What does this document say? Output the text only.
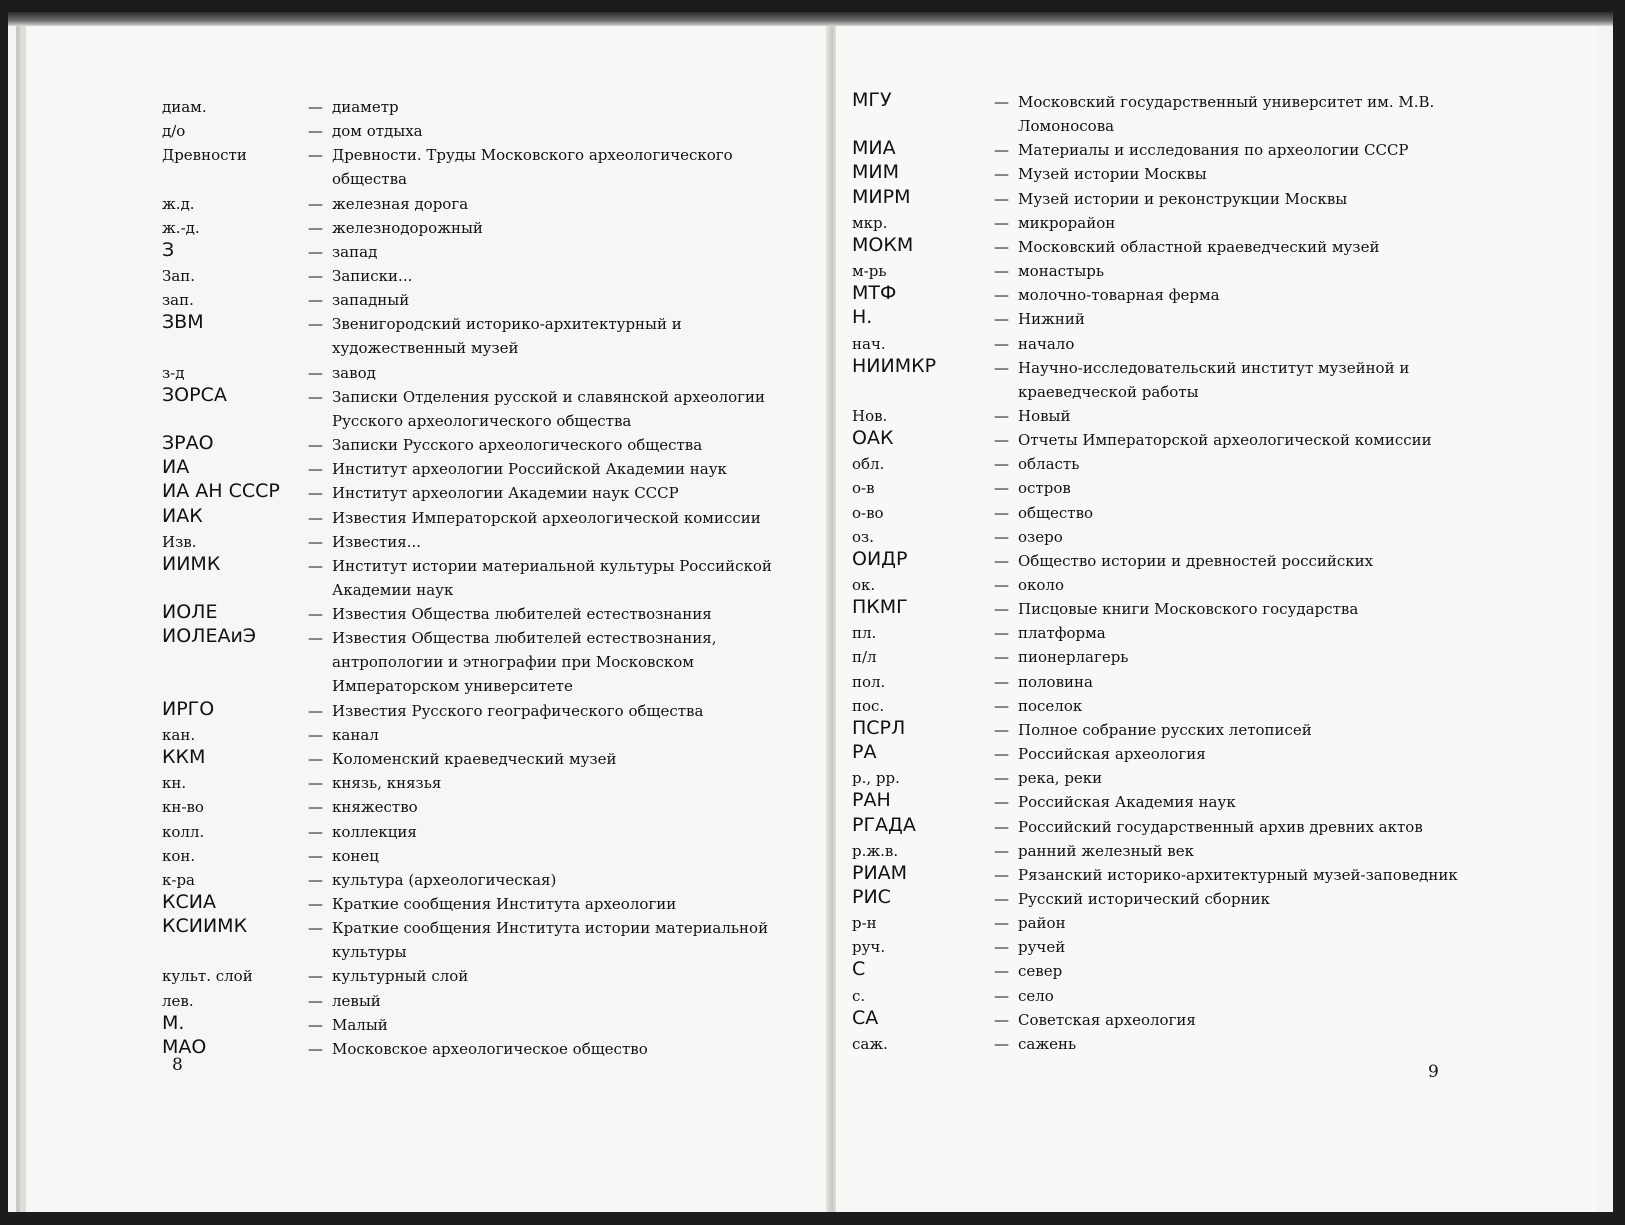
диам.	— диаметр
д/о	— дом отдыха
Древности	— Древности. Труды Московского археологического общества
ж.д.	— железная дорога
ж.-д.	— железнодорожный
З	— запад
Зап.	— Записки...
зап.	— западный
ЗВМ	— Звенигородский историко-архитектурный и художественный музей
з-д	— завод
ЗОРСА	— Записки Отделения русской и славянской археологии Русского археологического общества
ЗРАО	— Записки Русского археологического общества
ИА	— Институт археологии Российской Академии наук
ИА АН СССР — Институт археологии Академии наук СССР
ИАК	— Известия Императорской археологической комиссии
Изв.	— Известия...
ИИМК	— Институт истории материальной культуры Российской Академии наук
ИОЛЕ	— Известия Общества любителей естествознания
ИОЛЕАиЭ	— Известия Общества любителей естествознания, антропологии и этнографии при Московском Императорском университете
ИРГО	— Известия Русского географического общества
кан.	— канал
ККМ	— Коломенский краеведческий музей
кн.	— князь, князья
кн-во	— княжество
колл.	— коллекция
кон.	— конец
к-ра	— культура (археологическая)
КСИА	— Краткие сообщения Института археологии
КСИИМК	— Краткие сообщения Института истории материальной культуры
культ. слой	— культурный слой
лев.	— левый
М.	— Малый
МАО	— Московское археологическое общество
8
МГУ	— Московский государственный университет им. М.В. Ломоносова
МИА	— Материалы и исследования по археологии СССР
МИМ	— Музей истории Москвы
МИРМ	— Музей истории и реконструкции Москвы
мкр.	— микрорайон
МОКМ	— Московский областной краеведческий музей
м-рь	— монастырь
МТФ	— молочно-товарная ферма
Н.	— Нижний
нач.	— начало
НИИМКР	— Научно-исследовательский институт музейной и краеведческой работы
Нов.	— Новый
ОАК	— Отчеты Императорской археологической комиссии
обл.	— область
о-в	— остров
о-во	— общество
оз.	— озеро
ОИДР	— Общество истории и древностей российских
ок.	— около
ПКМГ	— Писцовые книги Московского государства
пл.	— платформа
п/л	— пионерлагерь
пол.	— половина
пос.	— поселок
ПСРЛ	— Полное собрание русских летописей
РА	— Российская археология
р., рр.	— река, реки
РАН	— Российская Академия наук
РГАДА	— Российский государственный архив древних актов
р.ж.в.	— ранний железный век
РИАМ	— Рязанский историко-архитектурный музей-заповедник
РИС	— Русский исторический сборник
р-н	— район
руч.	— ручей
С	— север
с.	— село
СА	— Советская археология
саж.	— сажень
9
